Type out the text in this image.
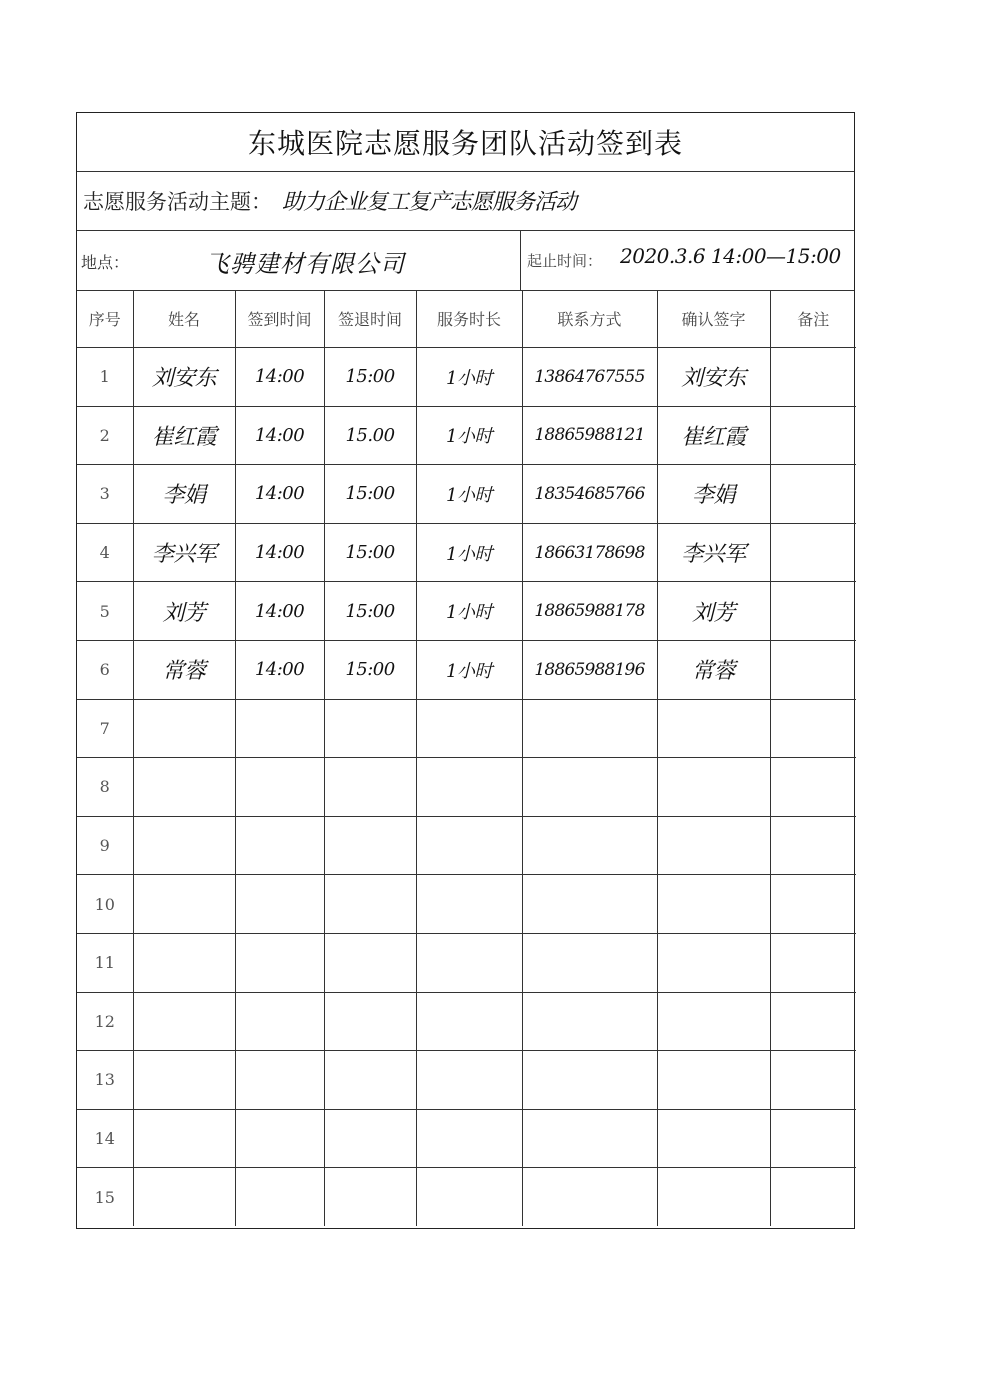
东城医院志愿服务团队活动签到表
志愿服务活动主题： 助力企业复工复产志愿服务活动
地点：	飞骋建材有限公司	起止时间： 2020.3.6 14:00—15:00
序号	姓名	签到时间	签退时间	服务时长	联系方式	确认签字	备注
1	刘安东	14:00	15:00	1小时	13864767555	刘安东	
2	崔红霞	14:00	15.00	1小时	18865988121	崔红霞	
3	李娟	14:00	15:00	1小时	18354685766	李娟	
4	李兴军	14:00	15:00	1小时	18663178698	李兴军	
5	刘芳	14:00	15:00	1小时	18865988178	刘芳	
6	常蓉	14:00	15:00	1小时	18865988196	常蓉	
7							
8							
9							
10							
11							
12							
13							
14							
15							
